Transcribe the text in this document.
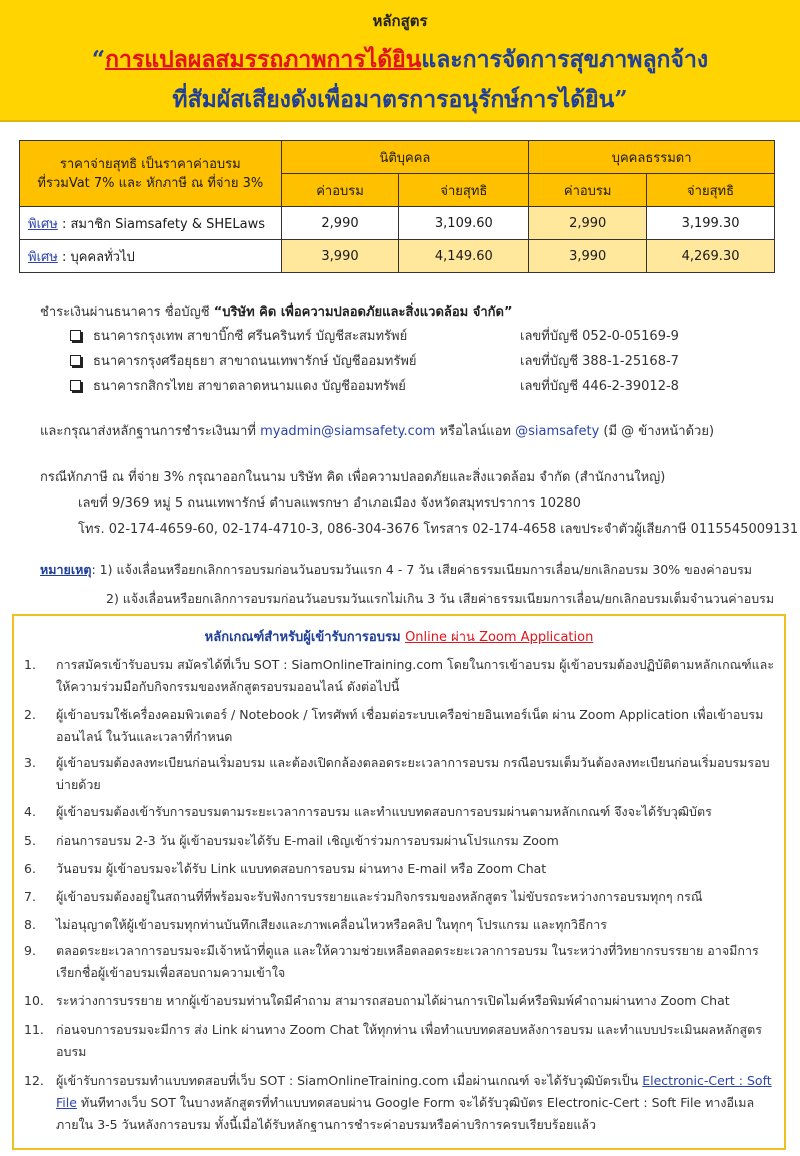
หลักสูตร
“การแปลผลสมรรถภาพการได้ยินและการจัดการสุขภาพลูกจ้าง
ที่สัมผัสเสียงดังเพื่อมาตรการอนุรักษ์การได้ยิน”
ราคาจ่ายสุทธิ เป็นราคาค่าอบรม
ที่รวมVat 7% และ หักภาษี ณ ที่จ่าย 3%	นิติบุคคล		บุคคลธรรมดา	
	ค่าอบรม	จ่ายสุทธิ	ค่าอบรม	จ่ายสุทธิ
พิเศษ : สมาชิก Siamsafety & SHELaws	2,990	3,109.60	2,990	3,199.30
พิเศษ : บุคคลทั่วไป	3,990	4,149.60	3,990	4,269.30
ชำระเงินผ่านธนาคาร ชื่อบัญชี “บริษัท คิด เพื่อความปลอดภัยและสิ่งแวดล้อม จำกัด”
ธนาคารกรุงเทพ สาขาบิ๊กซี ศรีนครินทร์ บัญชีสะสมทรัพย์	เลขที่บัญชี 052-0-05169-9
ธนาคารกรุงศรีอยุธยา สาขาถนนเทพารักษ์ บัญชีออมทรัพย์	เลขที่บัญชี 388-1-25168-7
ธนาคารกสิกรไทย สาขาตลาดหนามแดง บัญชีออมทรัพย์	เลขที่บัญชี 446-2-39012-8
และกรุณาส่งหลักฐานการชำระเงินมาที่ myadmin@siamsafety.com หรือไลน์แอท @siamsafety (มี @ ข้างหน้าด้วย)
กรณีหักภาษี ณ ที่จ่าย 3% กรุณาออกในนาม บริษัท คิด เพื่อความปลอดภัยและสิ่งแวดล้อม จำกัด (สำนักงานใหญ่)
เลขที่ 9/369 หมู่ 5 ถนนเทพารักษ์ ตำบลแพรกษา อำเภอเมือง จังหวัดสมุทรปราการ 10280
โทร. 02-174-4659-60, 02-174-4710-3, 086-304-3676 โทรสาร 02-174-4658 เลขประจำตัวผู้เสียภาษี 0115545009131
หมายเหตุ: 1) แจ้งเลื่อนหรือยกเลิกการอบรมก่อนวันอบรมวันแรก 4 - 7 วัน เสียค่าธรรมเนียมการเลื่อน/ยกเลิกอบรม 30% ของค่าอบรม
2) แจ้งเลื่อนหรือยกเลิกการอบรมก่อนวันอบรมวันแรกไม่เกิน 3 วัน เสียค่าธรรมเนียมการเลื่อน/ยกเลิกอบรมเต็มจำนวนค่าอบรม
หลักเกณฑ์สำหรับผู้เข้ารับการอบรม Online ผ่าน Zoom Application
1.	การสมัครเข้ารับอบรม สมัครได้ที่เว็บ SOT : SiamOnlineTraining.com โดยในการเข้าอบรม ผู้เข้าอบรมต้องปฏิบัติตามหลักเกณฑ์และให้ความร่วมมือกับกิจกรรมของหลักสูตรอบรมออนไลน์ ดังต่อไปนี้
2.	ผู้เข้าอบรมใช้เครื่องคอมพิวเตอร์ / Notebook / โทรศัพท์ เชื่อมต่อระบบเครือข่ายอินเทอร์เน็ต ผ่าน Zoom Application เพื่อเข้าอบรมออนไลน์ ในวันและเวลาที่กำหนด
3.	ผู้เข้าอบรมต้องลงทะเบียนก่อนเริ่มอบรม และต้องเปิดกล้องตลอดระยะเวลาการอบรม กรณีอบรมเต็มวันต้องลงทะเบียนก่อนเริ่มอบรมรอบบ่ายด้วย
4.	ผู้เข้าอบรมต้องเข้ารับการอบรมตามระยะเวลาการอบรม และทำแบบทดสอบการอบรมผ่านตามหลักเกณฑ์ จึงจะได้รับวุฒิบัตร
5.	ก่อนการอบรม 2-3 วัน ผู้เข้าอบรมจะได้รับ E-mail เชิญเข้าร่วมการอบรมผ่านโปรแกรม Zoom
6.	วันอบรม ผู้เข้าอบรมจะได้รับ Link แบบทดสอบการอบรม ผ่านทาง E-mail หรือ Zoom Chat
7.	ผู้เข้าอบรมต้องอยู่ในสถานที่ที่พร้อมจะรับฟังการบรรยายและร่วมกิจกรรมของหลักสูตร ไม่ขับรถระหว่างการอบรมทุกๆ กรณี
8.	ไม่อนุญาตให้ผู้เข้าอบรมทุกท่านบันทึกเสียงและภาพเคลื่อนไหวหรือคลิป ในทุกๆ โปรแกรม และทุกวิธีการ
9.	ตลอดระยะเวลาการอบรมจะมีเจ้าหน้าที่ดูแล และให้ความช่วยเหลือตลอดระยะเวลาการอบรม ในระหว่างที่วิทยากรบรรยาย อาจมีการเรียกชื่อผู้เข้าอบรมเพื่อสอบถามความเข้าใจ
10. ระหว่างการบรรยาย หากผู้เข้าอบรมท่านใดมีคำถาม สามารถสอบถามได้ผ่านการเปิดไมค์หรือพิมพ์คำถามผ่านทาง Zoom Chat
11. ก่อนจบการอบรมจะมีการ ส่ง Link ผ่านทาง Zoom Chat ให้ทุกท่าน เพื่อทำแบบทดสอบหลังการอบรม และทำแบบประเมินผลหลักสูตรอบรม
12. ผู้เข้ารับการอบรมทำแบบทดสอบที่เว็บ SOT : SiamOnlineTraining.com เมื่อผ่านเกณฑ์ จะได้รับวุฒิบัตรเป็น Electronic-Cert : Soft File ทันทีทางเว็บ SOT ในบางหลักสูตรที่ทำแบบทดสอบผ่าน Google Form จะได้รับวุฒิบัตร Electronic-Cert : Soft File ทางอีเมลภายใน 3-5 วันหลังการอบรม ทั้งนี้เมื่อได้รับหลักฐานการชำระค่าอบรมหรือค่าบริการครบเรียบร้อยแล้ว
